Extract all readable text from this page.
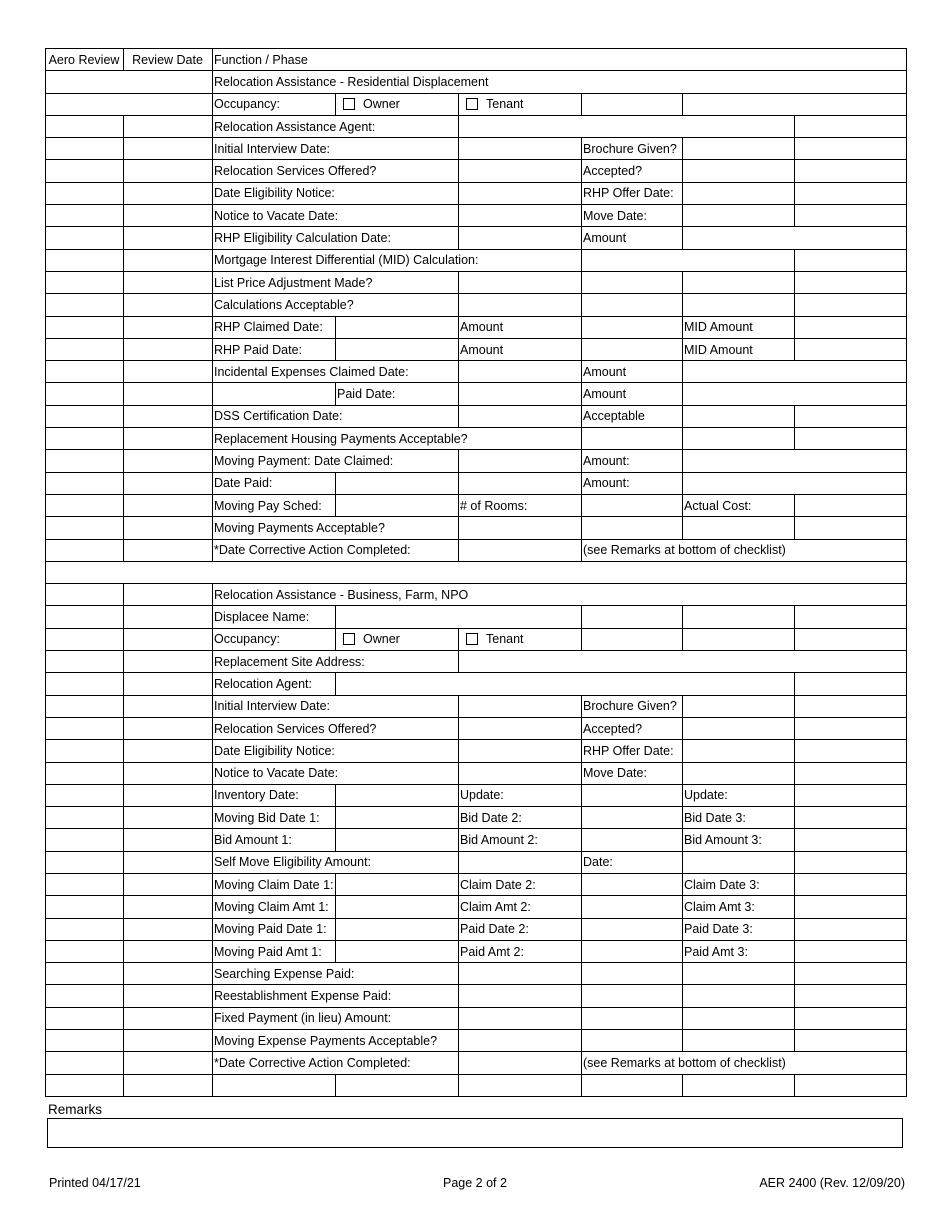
Aero Review	Review Date	Function / Phase					
		Relocation Assistance - Residential Displacement					
		Occupancy:	Owner	Tenant			
		Relocation Assistance Agent:					
		Initial Interview Date:			Brochure Given?		
		Relocation Services Offered?			Accepted?		
		Date Eligibility Notice:			RHP Offer Date:		
		Notice to Vacate Date:			Move Date:		
		RHP Eligibility Calculation Date:			Amount		
		Mortgage Interest Differential (MID) Calculation:					
		List Price Adjustment Made?					
		Calculations Acceptable?					
		RHP Claimed Date:		Amount		MID Amount	
		RHP Paid Date:		Amount		MID Amount	
		Incidental Expenses Claimed Date:			Amount		
			Paid Date:		Amount		
		DSS Certification Date:			Acceptable		
		Replacement Housing Payments Acceptable?					
		Moving Payment: Date Claimed:			Amount:		
		Date Paid:			Amount:		
		Moving Pay Sched:		# of Rooms:		Actual Cost:	
		Moving Payments Acceptable?					
		*Date Corrective Action Completed:			(see Remarks at bottom of checklist)		

		Relocation Assistance - Business, Farm, NPO					
		Displacee Name:					
		Occupancy:	Owner	Tenant			
		Replacement Site Address:					
		Relocation Agent:					
		Initial Interview Date:			Brochure Given?		
		Relocation Services Offered?			Accepted?		
		Date Eligibility Notice:			RHP Offer Date:		
		Notice to Vacate Date:			Move Date:		
		Inventory Date:		Update:		Update:	
		Moving Bid Date 1:		Bid Date 2:		Bid Date 3:	
		Bid Amount 1:		Bid Amount 2:		Bid Amount 3:	
		Self Move Eligibility Amount:			Date:		
		Moving Claim Date 1:		Claim Date 2:		Claim Date 3:	
		Moving Claim Amt 1:		Claim Amt 2:		Claim Amt 3:	
		Moving Paid Date 1:		Paid Date 2:		Paid Date 3:	
		Moving Paid Amt 1:		Paid Amt 2:		Paid Amt 3:	
		Searching Expense Paid:					
		Reestablishment Expense Paid:					
		Fixed Payment (in lieu) Amount:					
		Moving Expense Payments Acceptable?					
		*Date Corrective Action Completed:			(see Remarks at bottom of checklist)		

Remarks
Printed 04/17/21	Page 2 of 2	AER 2400 (Rev. 12/09/20)
